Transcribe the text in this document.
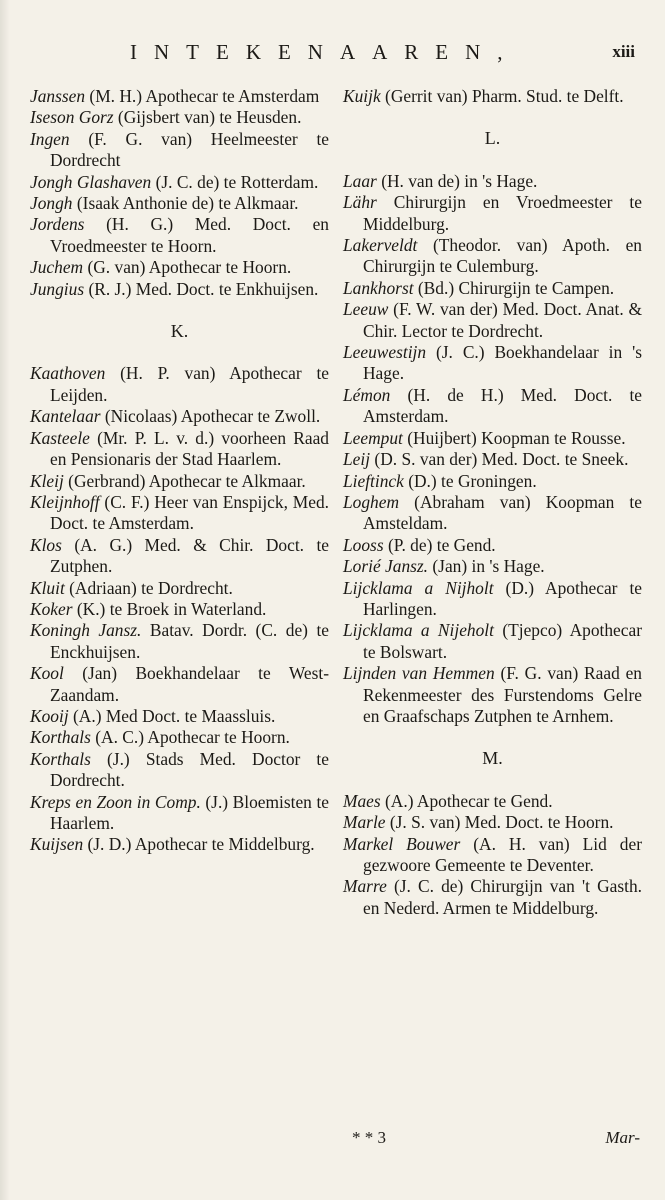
INTEKENAAREN,	xiii

Janssen (M. H.) Apothecar te Amsterdam

Iseson Gorz (Gijsbert van) te Heusden.

Ingen (F. G. van) Heelmeester te Dordrecht

Jongh Glashaven (J. C. de) te Rotterdam.

Jongh (Isaak Anthonie de) te Alkmaar.

Jordens (H. G.) Med. Doct. en Vroedmeester te Hoorn.

Juchem (G. van) Apothecar te Hoorn.

Jungius (R. J.) Med. Doct. te Enkhuijsen.

K.

Kaathoven (H. P. van) Apothecar te Leijden.

Kantelaar (Nicolaas) Apothecar te Zwoll.

Kasteele (Mr. P. L. v. d.) voorheen Raad en Pensionaris der Stad Haarlem.

Kleij (Gerbrand) Apothecar te Alkmaar.

Kleijnhoff (C. F.) Heer van Enspijck, Med. Doct. te Amsterdam.

Klos (A. G.) Med. & Chir. Doct. te Zutphen.

Kluit (Adriaan) te Dordrecht.

Koker (K.) te Broek in Waterland.

Koningh Jansz. Batav. Dordr. (C. de) te Enckhuijsen.

Kool (Jan) Boekhandelaar te West-Zaandam.

Kooij (A.) Med Doct. te Maassluis.

Korthals (A. C.) Apothecar te Hoorn.

Korthals (J.) Stads Med. Doctor te Dordrecht.

Kreps en Zoon in Comp. (J.) Bloemisten te Haarlem.

Kuijsen (J. D.) Apothecar te Middelburg.

Kuijk (Gerrit van) Pharm. Stud. te Delft.

L.

Laar (H. van de) in 's Hage.

Lähr Chirurgijn en Vroedmeester te Middelburg.

Lakerveldt (Theodor. van) Apoth. en Chirurgijn te Culemburg.

Lankhorst (Bd.) Chirurgijn te Campen.

Leeuw (F. W. van der) Med. Doct. Anat. & Chir. Lector te Dordrecht.

Leeuwestijn (J. C.) Boekhandelaar in 's Hage.

Lémon (H. de H.) Med. Doct. te Amsterdam.

Leemput (Huijbert) Koopman te Rousse.

Leij (D. S. van der) Med. Doct. te Sneek.

Lieftinck (D.) te Groningen.

Loghem (Abraham van) Koopman te Amsteldam.

Looss (P. de) te Gend.

Lorié Jansz. (Jan) in 's Hage.

Lijcklama a Nijholt (D.) Apothecar te Harlingen.

Lijcklama a Nijeholt (Tjepco) Apothecar te Bolswart.

Lijnden van Hemmen (F. G. van) Raad en Rekenmeester des Furstendoms Gelre en Graafschaps Zutphen te Arnhem.

M.

Maes (A.) Apothecar te Gend.

Marle (J. S. van) Med. Doct. te Hoorn.

Markel Bouwer (A. H. van) Lid der gezwoore Gemeente te Deventer.

Marre (J. C. de) Chirurgijn van 't Gasth. en Nederd. Armen te Middelburg.

* * 3	Mar-
